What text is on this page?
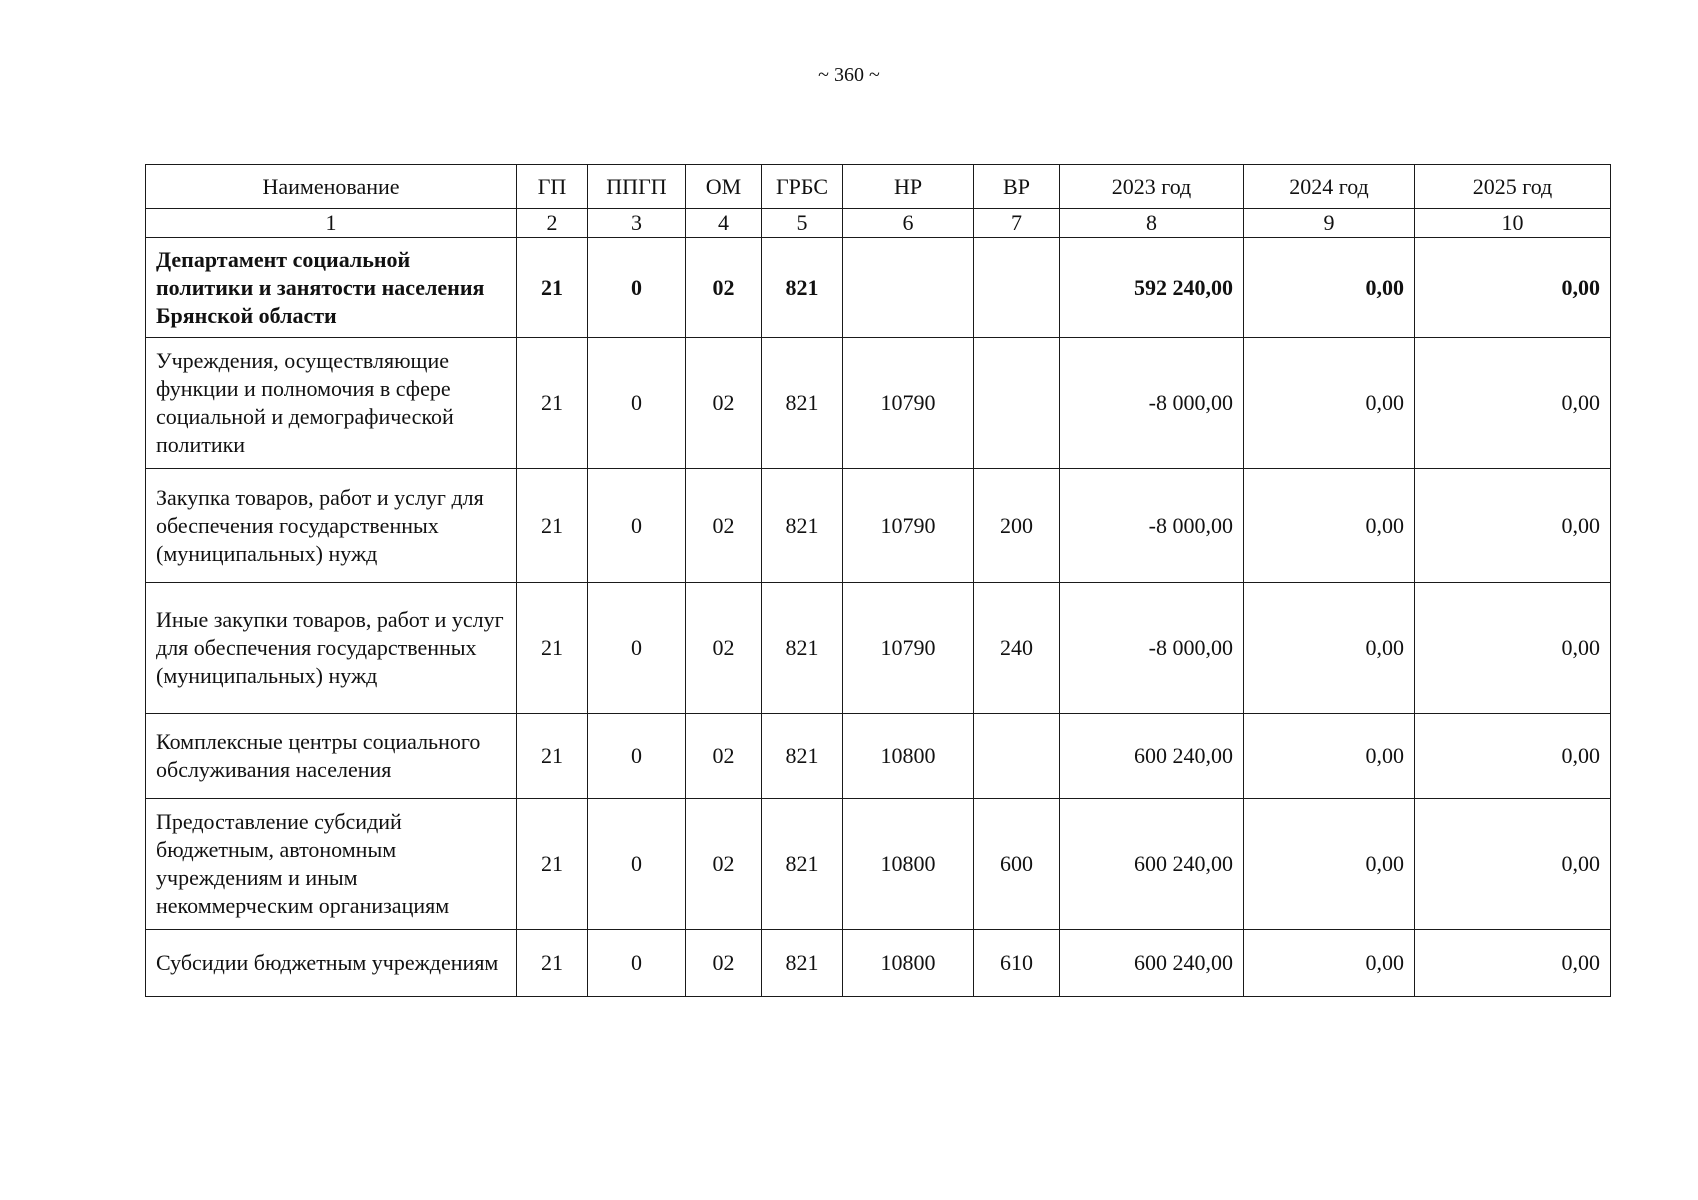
~ 360 ~
Наименование	ГП	ППГП	ОМ	ГРБС	НР	ВР	2023 год	2024 год	2025 год
1	2	3	4	5	6	7	8	9	10
Департамент социальной политики и занятости населения Брянской области	21	0	02	821			592 240,00	0,00	0,00
Учреждения, осуществляющие функции и полномочия в сфере социальной и демографической политики	21	0	02	821	10790		-8 000,00	0,00	0,00
Закупка товаров, работ и услуг для обеспечения государственных (муниципальных) нужд	21	0	02	821	10790	200	-8 000,00	0,00	0,00
Иные закупки товаров, работ и услуг для обеспечения государственных (муниципальных) нужд	21	0	02	821	10790	240	-8 000,00	0,00	0,00
Комплексные центры социального обслуживания населения	21	0	02	821	10800		600 240,00	0,00	0,00
Предоставление субсидий бюджетным, автономным учреждениям и иным некоммерческим организациям	21	0	02	821	10800	600	600 240,00	0,00	0,00
Субсидии бюджетным учреждениям	21	0	02	821	10800	610	600 240,00	0,00	0,00
